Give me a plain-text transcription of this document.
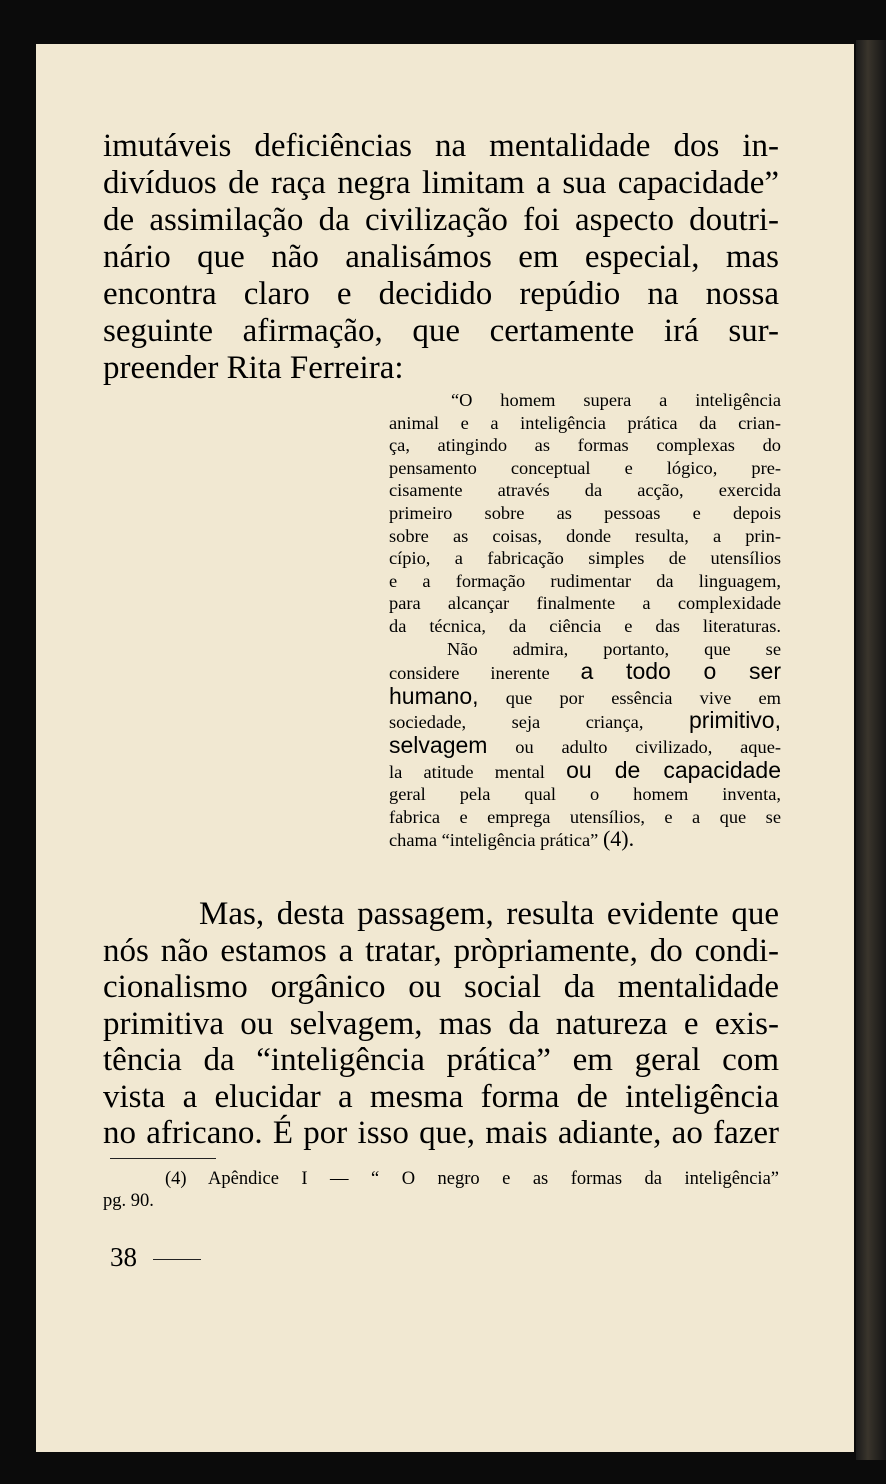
imutáveis deficiências na mentalidade dos in-
divíduos de raça negra limitam a sua capacidade”
de assimilação da civilização foi aspecto doutri-
nário que não analisámos em especial, mas
encontra claro e decidido repúdio na nossa
seguinte afirmação, que certamente irá sur-
preender Rita Ferreira:
“O homem supera a inteligência
animal e a inteligência prática da crian-
ça, atingindo as formas complexas do
pensamento conceptual e lógico, pre-
cisamente através da acção, exercida
primeiro sobre as pessoas e depois
sobre as coisas, donde resulta, a prin-
cípio, a fabricação simples de utensílios
e a formação rudimentar da linguagem,
para alcançar finalmente a complexidade
da técnica, da ciência e das literaturas.
Não admira, portanto, que se
considere inerente a todo o ser
humano, que por essência vive em
sociedade, seja criança, primitivo,
selvagem ou adulto civilizado, aque-
la atitude mental ou de capacidade
geral pela qual o homem inventa,
fabrica e emprega utensílios, e a que se
chama “inteligência prática” (4).
Mas, desta passagem, resulta evidente que
nós não estamos a tratar, pròpriamente, do condi-
cionalismo orgânico ou social da mentalidade
primitiva ou selvagem, mas da natureza e exis-
tência da “inteligência prática” em geral com
vista a elucidar a mesma forma de inteligência
no africano. É por isso que, mais adiante, ao fazer
(4) Apêndice I — “ O negro e as formas da inteligência”
pg. 90.
38
